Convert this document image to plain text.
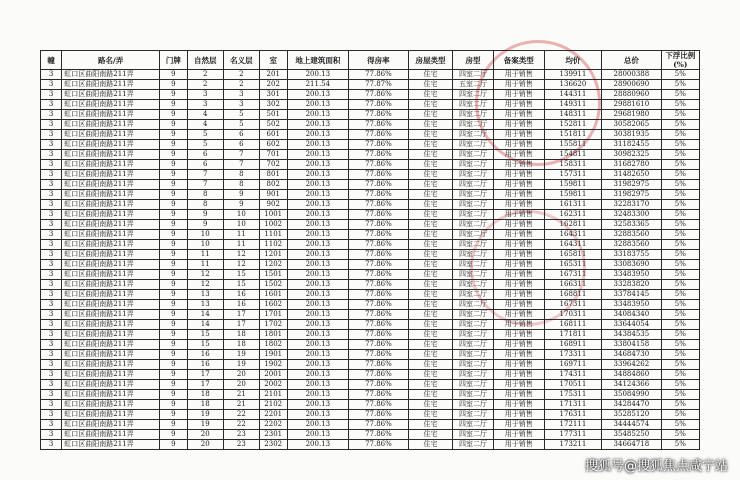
幢	路名/弄	门牌	自然层	名义层	室	地上建筑面积	得房率	房屋类型	房型	备案类型	均价	总价	下浮比例(%)
3	虹口区曲阳南路211弄	9	2	2	201	200.13	77.86%	住宅	四室二厅	用于销售	139911	28000388	5%
3	虹口区曲阳南路211弄	9	2	2	202	211.54	77.87%	住宅	五室二厅	用于销售	136620	28900690	5%
3	虹口区曲阳南路211弄	9	3	3	301	200.13	77.86%	住宅	四室二厅	用于销售	144311	28880960	5%
3	虹口区曲阳南路211弄	9	3	3	302	200.13	77.86%	住宅	四室二厅	用于销售	149311	29881610	5%
3	虹口区曲阳南路211弄	9	4	5	501	200.13	77.86%	住宅	四室二厅	用于销售	148311	29681980	5%
3	虹口区曲阳南路211弄	9	4	5	502	200.13	77.86%	住宅	四室二厅	用于销售	152811	30582065	5%
3	虹口区曲阳南路211弄	9	5	6	601	200.13	77.86%	住宅	四室二厅	用于销售	151811	30381935	5%
3	虹口区曲阳南路211弄	9	5	6	602	200.13	77.86%	住宅	四室二厅	用于销售	155811	31182455	5%
3	虹口区曲阳南路211弄	9	6	7	701	200.13	77.86%	住宅	四室二厅	用于销售	154811	30982325	5%
3	虹口区曲阳南路211弄	9	6	7	702	200.13	77.86%	住宅	四室二厅	用于销售	158311	31682780	5%
3	虹口区曲阳南路211弄	9	7	8	801	200.13	77.86%	住宅	四室二厅	用于销售	157311	31482650	5%
3	虹口区曲阳南路211弄	9	7	8	802	200.13	77.86%	住宅	四室二厅	用于销售	159811	31982975	5%
3	虹口区曲阳南路211弄	9	8	9	901	200.13	77.86%	住宅	四室二厅	用于销售	159811	31982975	5%
3	虹口区曲阳南路211弄	9	8	9	902	200.13	77.86%	住宅	四室二厅	用于销售	161311	32283170	5%
3	虹口区曲阳南路211弄	9	9	10	1001	200.13	77.86%	住宅	四室二厅	用于销售	162311	32483300	5%
3	虹口区曲阳南路211弄	9	9	10	1002	200.13	77.86%	住宅	四室二厅	用于销售	162811	32583365	5%
3	虹口区曲阳南路211弄	9	10	11	1101	200.13	77.86%	住宅	四室二厅	用于销售	164311	32883560	5%
3	虹口区曲阳南路211弄	9	10	11	1102	200.13	77.86%	住宅	四室二厅	用于销售	164311	32883560	5%
3	虹口区曲阳南路211弄	9	11	12	1201	200.13	77.86%	住宅	四室二厅	用于销售	165811	33183755	5%
3	虹口区曲阳南路211弄	9	11	12	1202	200.13	77.86%	住宅	四室二厅	用于销售	165311	33083690	5%
3	虹口区曲阳南路211弄	9	12	15	1501	200.13	77.86%	住宅	四室二厅	用于销售	167311	33483950	5%
3	虹口区曲阳南路211弄	9	12	15	1502	200.13	77.86%	住宅	四室二厅	用于销售	166311	33283820	5%
3	虹口区曲阳南路211弄	9	13	16	1601	200.13	77.86%	住宅	四室二厅	用于销售	168811	33784145	5%
3	虹口区曲阳南路211弄	9	13	16	1602	200.13	77.86%	住宅	四室二厅	用于销售	167311	33483950	5%
3	虹口区曲阳南路211弄	9	14	17	1701	200.13	77.86%	住宅	四室二厅	用于销售	170311	34084340	5%
3	虹口区曲阳南路211弄	9	14	17	1702	200.13	77.86%	住宅	四室二厅	用于销售	168111	33644054	5%
3	虹口区曲阳南路211弄	9	15	18	1801	200.13	77.86%	住宅	四室二厅	用于销售	171811	34384535	5%
3	虹口区曲阳南路211弄	9	15	18	1802	200.13	77.86%	住宅	四室二厅	用于销售	168911	33804158	5%
3	虹口区曲阳南路211弄	9	16	19	1901	200.13	77.86%	住宅	四室二厅	用于销售	173311	34684730	5%
3	虹口区曲阳南路211弄	9	16	19	1902	200.13	77.86%	住宅	四室二厅	用于销售	169711	33964262	5%
3	虹口区曲阳南路211弄	9	17	20	2001	200.13	77.86%	住宅	四室二厅	用于销售	174311	34884860	5%
3	虹口区曲阳南路211弄	9	17	20	2002	200.13	77.86%	住宅	四室二厅	用于销售	170511	34124366	5%
3	虹口区曲阳南路211弄	9	18	21	2101	200.13	77.86%	住宅	四室二厅	用于销售	175311	35084990	5%
3	虹口区曲阳南路211弄	9	18	21	2102	200.13	77.86%	住宅	四室二厅	用于销售	171311	34284470	5%
3	虹口区曲阳南路211弄	9	19	22	2201	200.13	77.86%	住宅	四室二厅	用于销售	176311	35285120	5%
3	虹口区曲阳南路211弄	9	19	22	2202	200.13	77.86%	住宅	四室二厅	用于销售	172111	34444574	5%
3	虹口区曲阳南路211弄	9	20	23	2301	200.13	77.86%	住宅	四室二厅	用于销售	177311	35485250	5%
3	虹口区曲阳南路211弄	9	20	23	2302	200.13	77.86%	住宅	四室二厅	用于销售	173211	34664718	5%
搜狐号@搜狐焦点咸宁站
